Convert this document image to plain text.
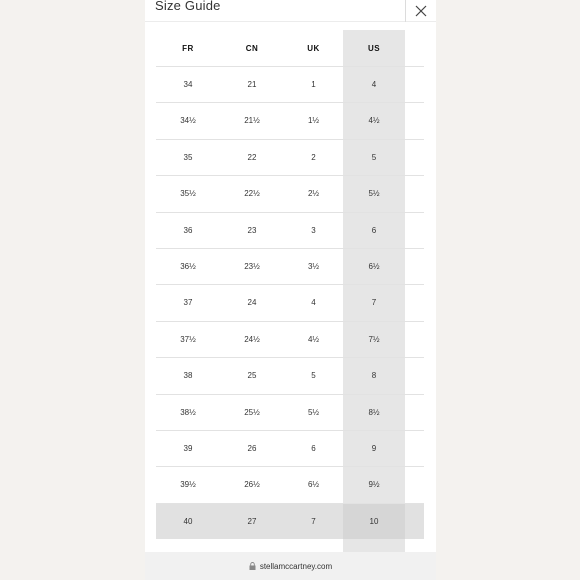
Size Guide
FR	CN	UK	US
34	21	1	4
34½	21½	1½	4½
35	22	2	5
35½	22½	2½	5½
36	23	3	6
36½	23½	3½	6½
37	24	4	7
37½	24½	4½	7½
38	25	5	8
38½	25½	5½	8½
39	26	6	9
39½	26½	6½	9½
40	27	7	10
stellamccartney.com
